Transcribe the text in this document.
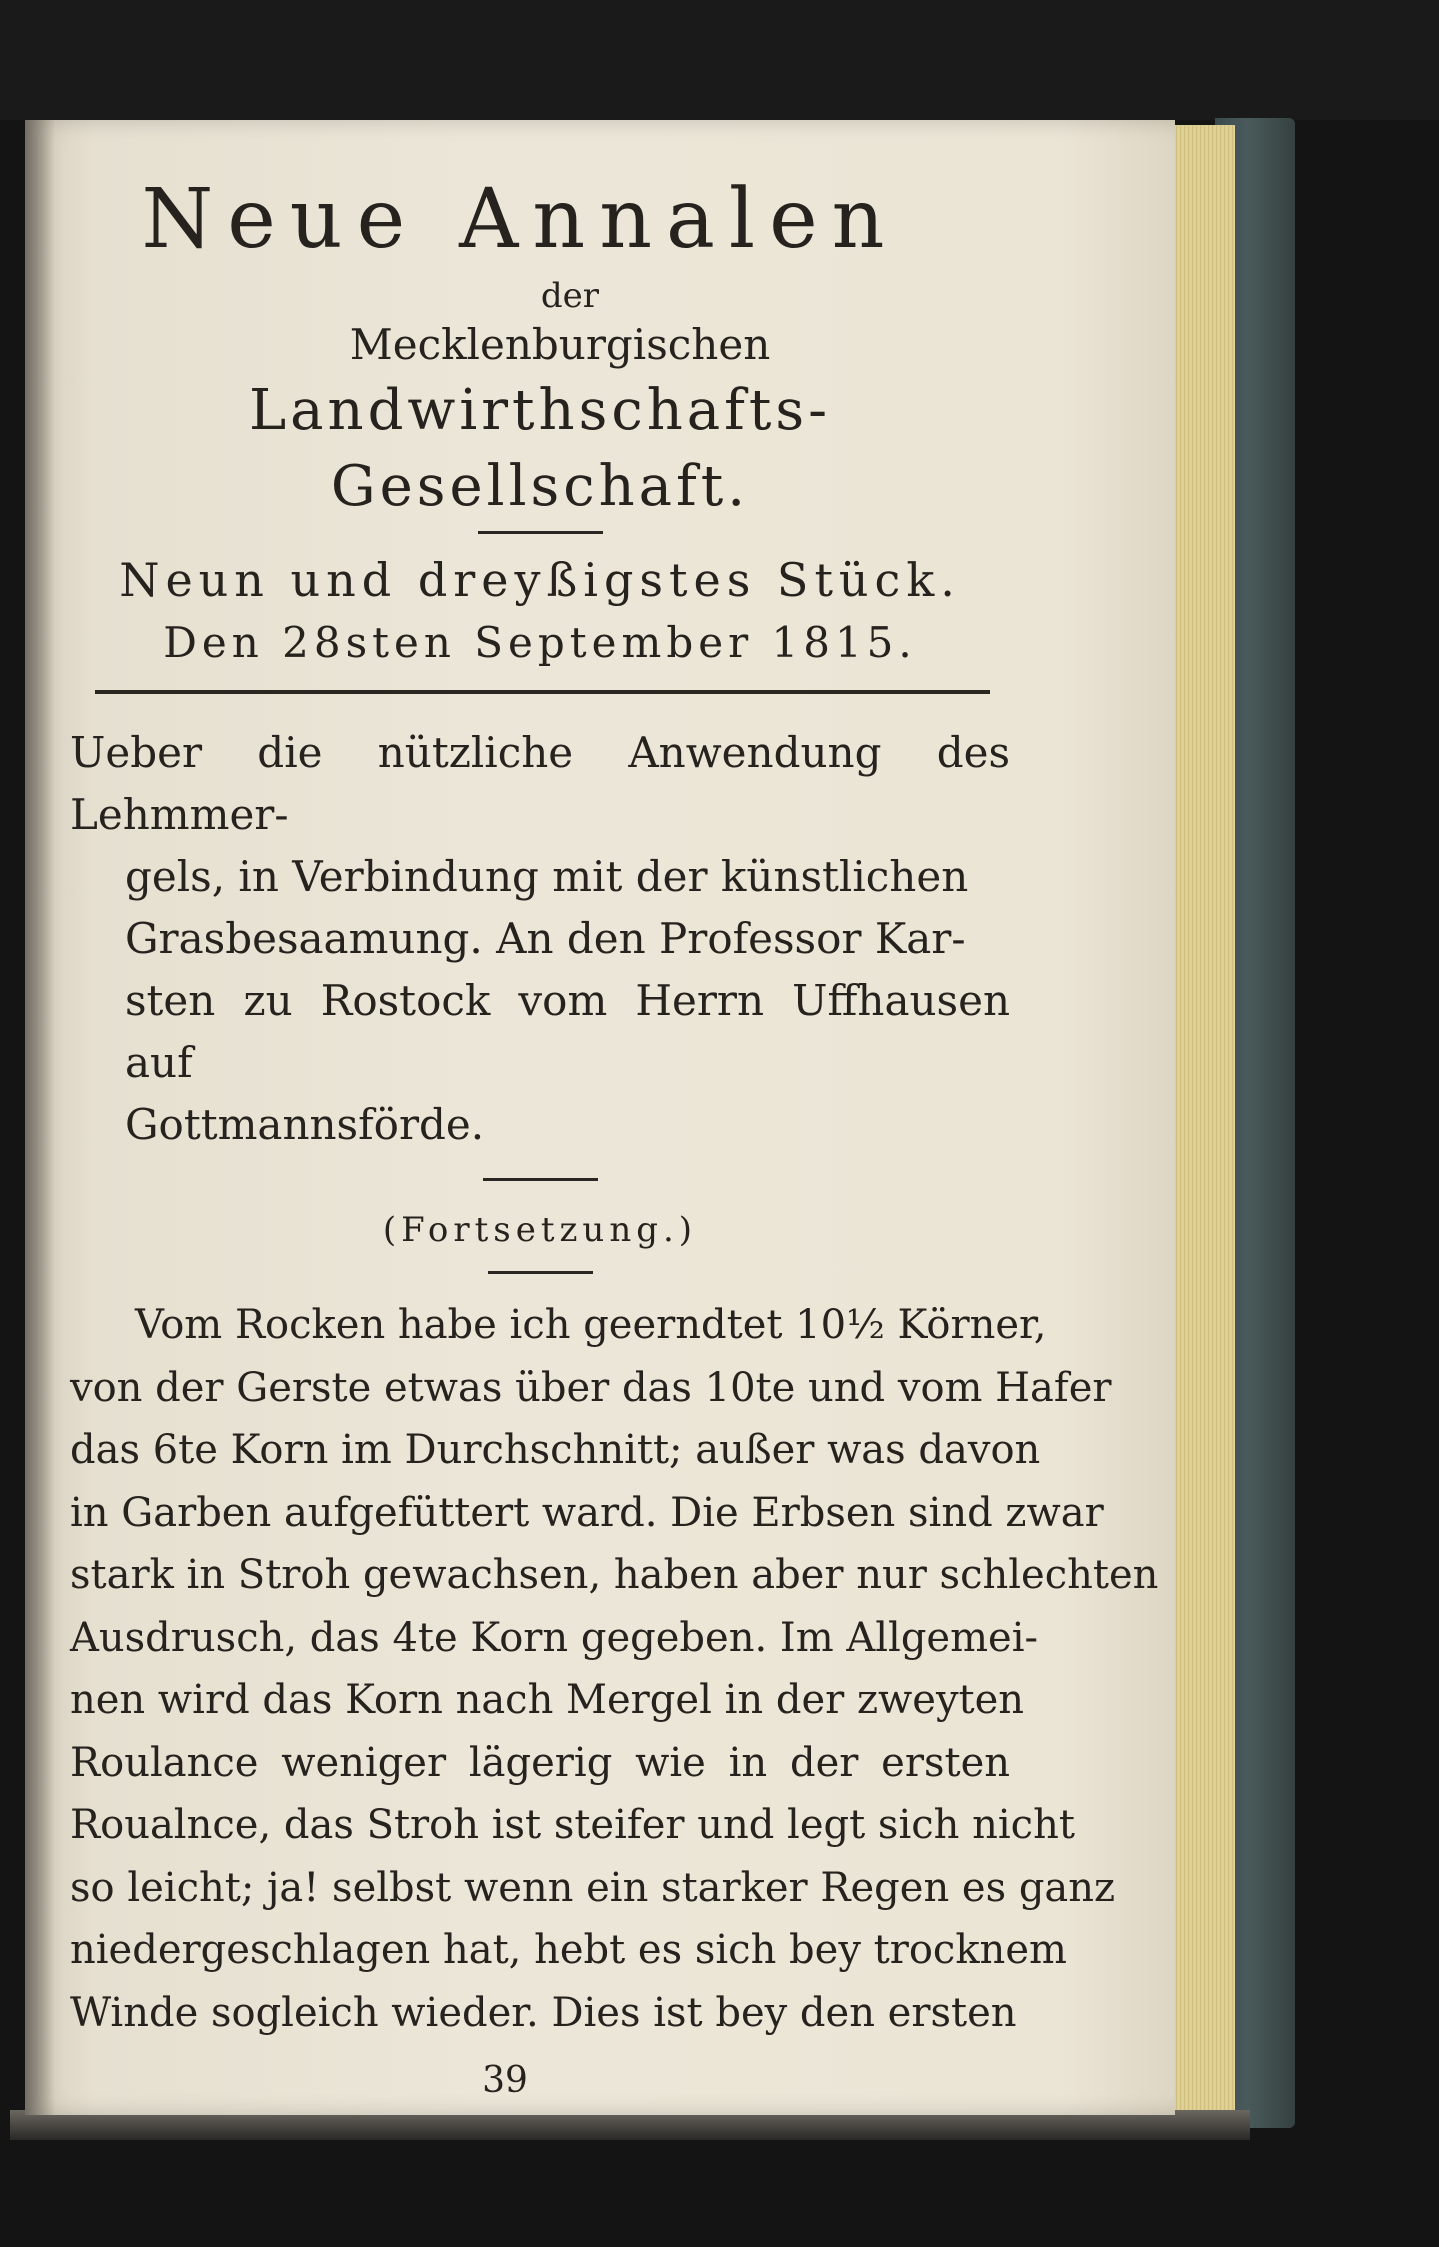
Neue Annalen

der

Mecklenburgischen

Landwirthschafts-Gesellschaft.

Neun und dreyßigstes Stück.

Den 28sten September 1815.

Ueber die nützliche Anwendung des Lehmmer-
gels, in Verbindung mit der künstlichen
Grasbesaamung. An den Professor Kar-
sten zu Rostock vom Herrn Uffhausen auf
Gottmannsförde.

(Fortsetzung.)

Vom Rocken habe ich geerndtet 10½ Körner,
von der Gerste etwas über das 10te und vom Hafer
das 6te Korn im Durchschnitt; außer was davon
in Garben aufgefüttert ward. Die Erbsen sind zwar
stark in Stroh gewachsen, haben aber nur schlechten
Ausdrusch, das 4te Korn gegeben. Im Allgemei-
nen wird das Korn nach Mergel in der zweyten
Roulance weniger lägerig wie in der ersten
Roualnce, das Stroh ist steifer und legt sich nicht
so leicht; ja! selbst wenn ein starker Regen es ganz
niedergeschlagen hat, hebt es sich bey trocknem
Winde sogleich wieder. Dies ist bey den ersten

39
